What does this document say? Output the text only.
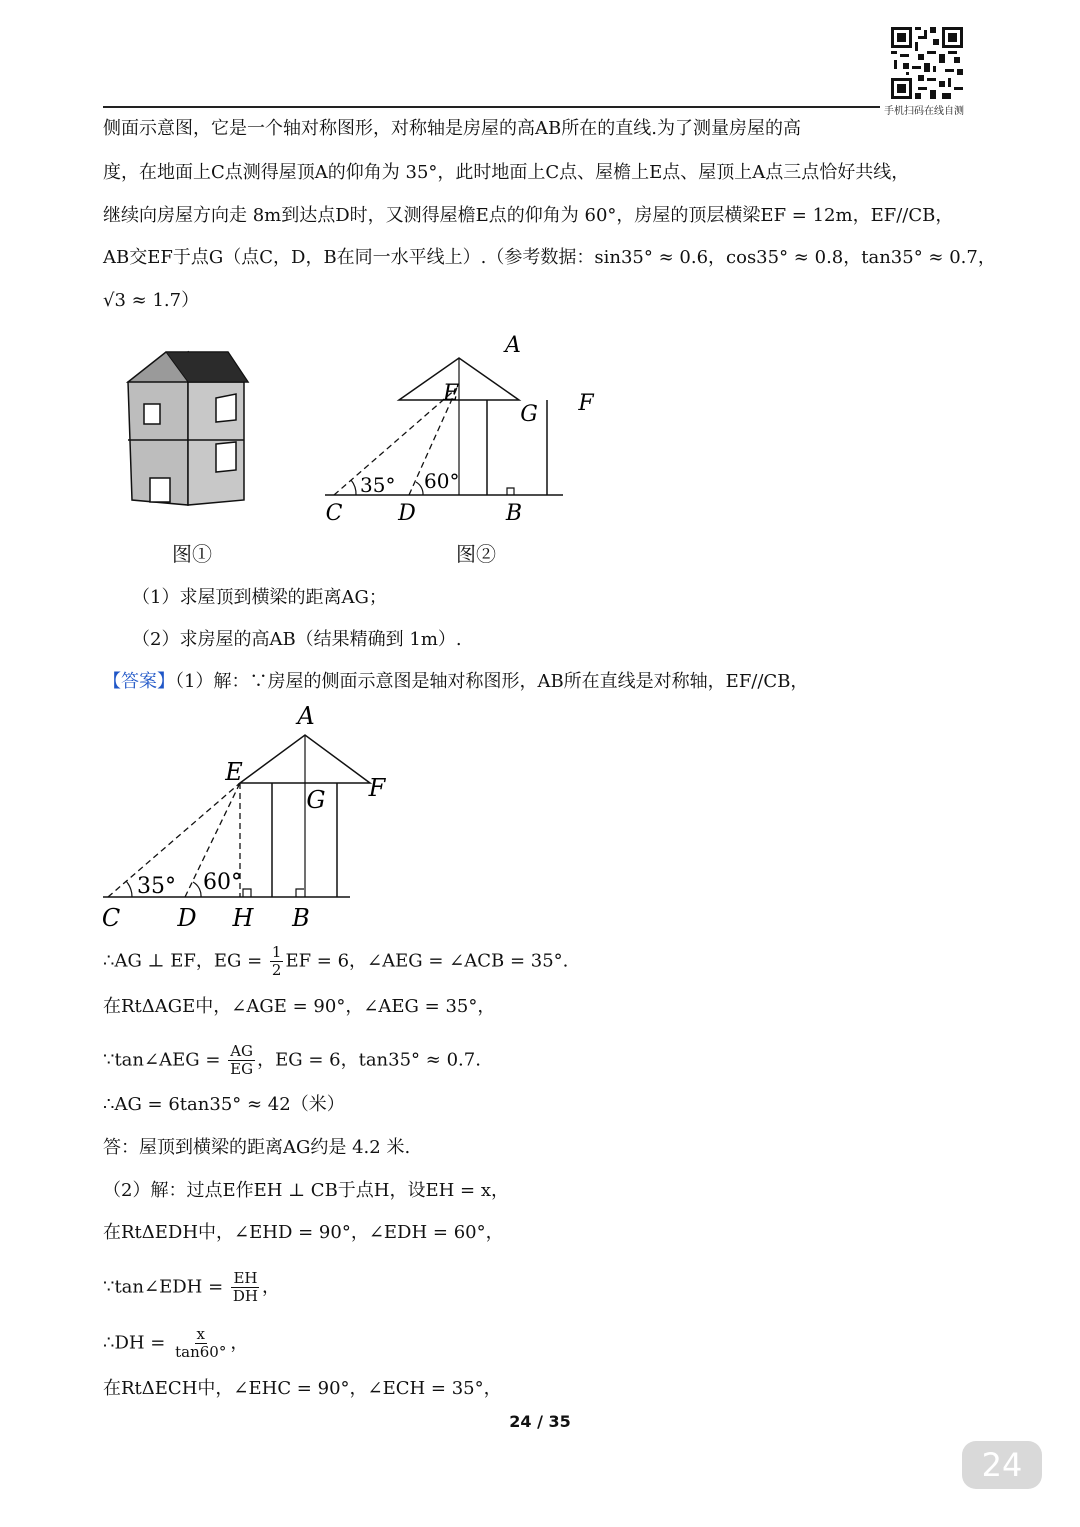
手机扫码在线自测
侧面示意图，它是一个轴对称图形，对称轴是房屋的高AB所在的直线.为了测量房屋的高
度，在地面上C点测得屋顶A的仰角为 35°，此时地面上C点、屋檐上E点、屋顶上A点三点恰好共线，
继续向房屋方向走 8m到达点D时，又测得屋檐E点的仰角为 60°，房屋的顶层横梁EF = 12m，EF//CB，
AB交EF于点G（点C，D，B在同一水平线上）.（参考数据：sin35° ≈ 0.6，cos35° ≈ 0.8，tan35° ≈ 0.7，
√3 ≈ 1.7）
图①
A
E	F
G
C	D	B
35° 60°
图②
（1）求屋顶到横梁的距离AG；
（2）求房屋的高AB（结果精确到 1m）.
【答案】（1）解：∵房屋的侧面示意图是轴对称图形，AB所在直线是对称轴，EF//CB，
A
E
F
G
C D H B
35° 60°
∴AG ⊥ EF，EG = $\frac{1}{2}$ EF = 6，∠AEG = ∠ACB = 35°.
在RtΔAGE中，∠AGE = 90°，∠AEG = 35°，
∵tan∠AEG = $\frac{AG}{EG}$ ，EG = 6，tan35° ≈ 0.7.
∴AG = 6tan35° ≈ 42（米）
答：屋顶到横梁的距离AG约是 4.2 米.
（2）解：过点E作EH ⊥ CB于点H，设EH = x，
在RtΔEDH中，∠EHD = 90°，∠EDH = 60°，
∵tan∠EDH = $\frac{EH}{DH}$ ，
∴DH = $\frac{x}{\tan 60^\circ}$ ，
在RtΔECH中，∠EHC = 90°，∠ECH = 35°，
24 / 35
24
